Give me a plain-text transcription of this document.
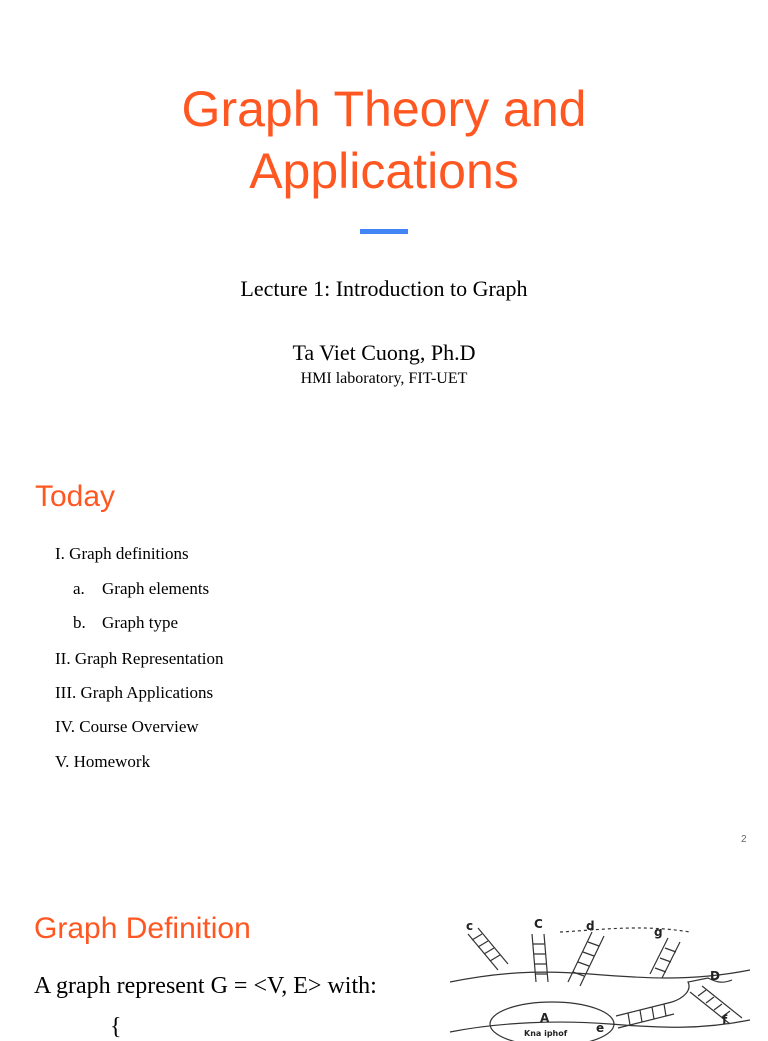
Graph Theory and
Applications
Lecture 1: Introduction to Graph
Ta Viet Cuong, Ph.D
HMI laboratory, FIT-UET
Today
I. Graph definitions
a. Graph elements
b. Graph type
II. Graph Representation
III. Graph Applications
IV. Course Overview
V. Homework
2
Graph Definition
A graph represent G = <V, E> with:
{
c	C	d	g
D
A
Kna iphof e
f
